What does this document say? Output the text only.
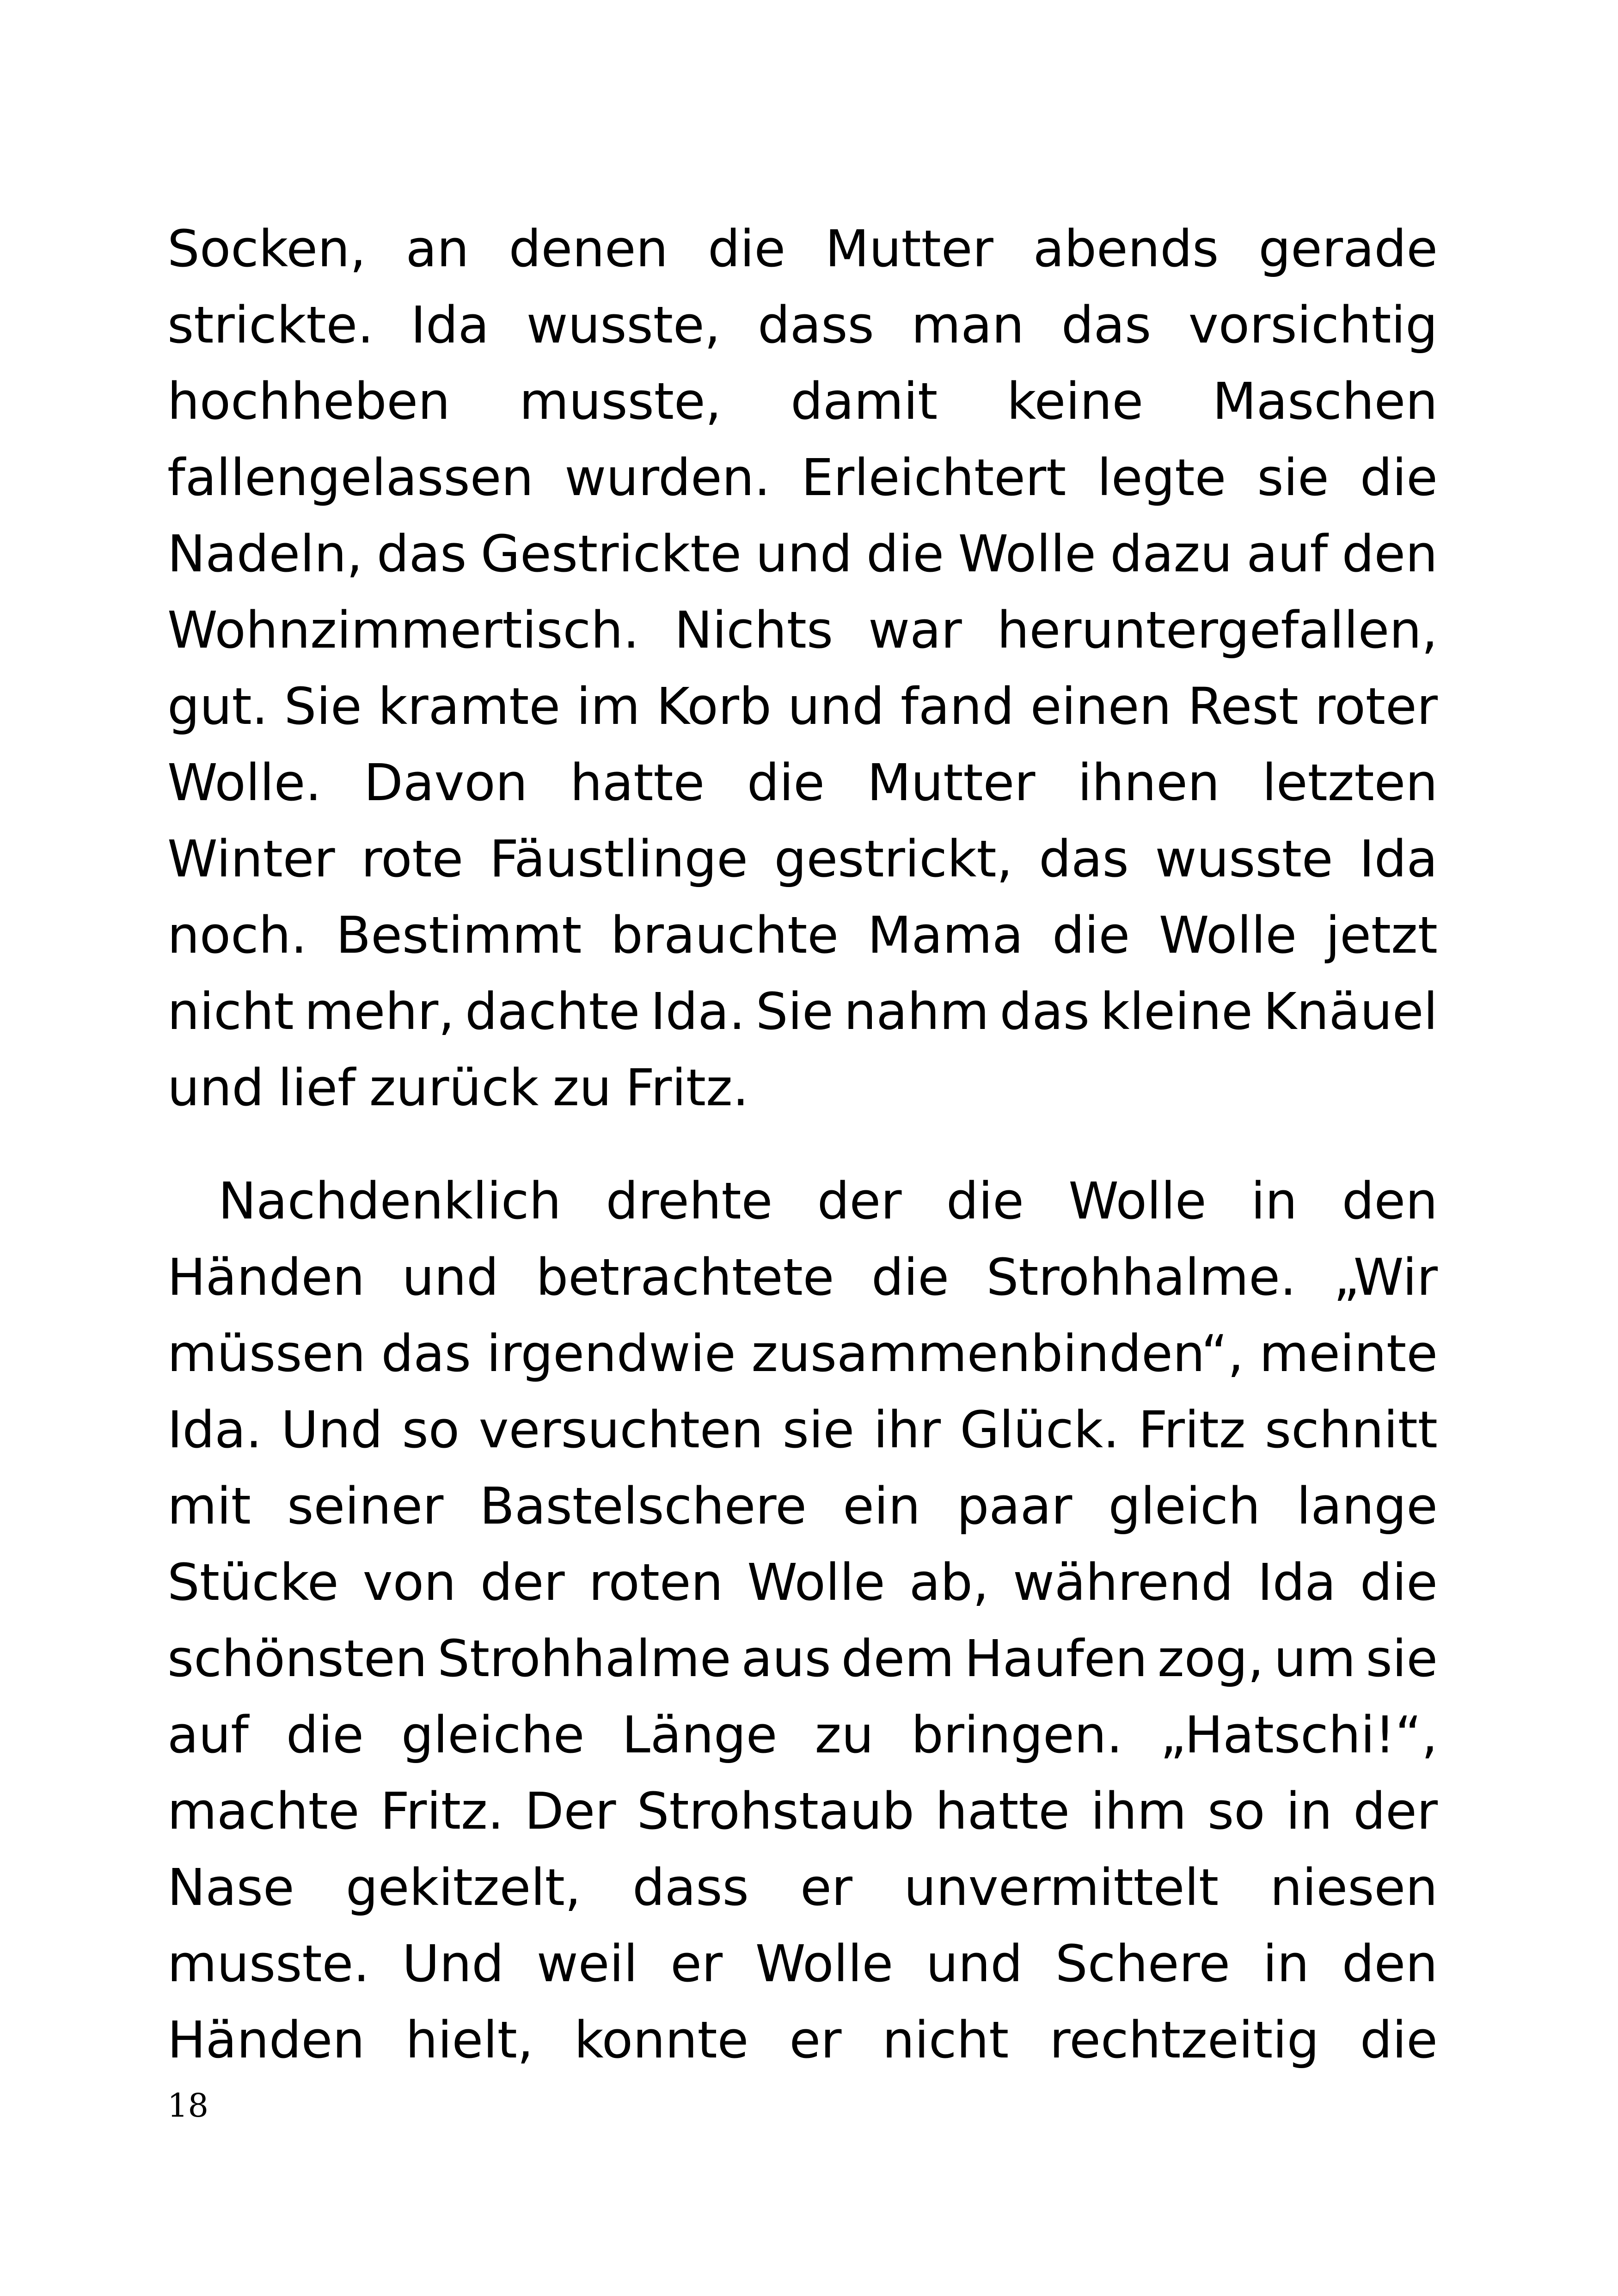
Socken, an denen die Mutter abends gerade
strickte. Ida wusste, dass man das vorsichtig
hochheben musste, damit keine Maschen
fallengelassen wurden. Erleichtert legte sie die
Nadeln, das Gestrickte und die Wolle dazu auf den
Wohnzimmertisch. Nichts war heruntergefallen,
gut. Sie kramte im Korb und fand einen Rest roter
Wolle. Davon hatte die Mutter ihnen letzten
Winter rote Fäustlinge gestrickt, das wusste Ida
noch. Bestimmt brauchte Mama die Wolle jetzt
nicht mehr, dachte Ida. Sie nahm das kleine Knäuel
und lief zurück zu Fritz.
Nachdenklich drehte der die Wolle in den
Händen und betrachtete die Strohhalme. „Wir
müssen das irgendwie zusammenbinden“, meinte
Ida. Und so versuchten sie ihr Glück. Fritz schnitt
mit seiner Bastelschere ein paar gleich lange
Stücke von der roten Wolle ab, während Ida die
schönsten Strohhalme aus dem Haufen zog, um sie
auf die gleiche Länge zu bringen. „Hatschi!“,
machte Fritz. Der Strohstaub hatte ihm so in der
Nase gekitzelt, dass er unvermittelt niesen
musste. Und weil er Wolle und Schere in den
Händen hielt, konnte er nicht rechtzeitig die
18
